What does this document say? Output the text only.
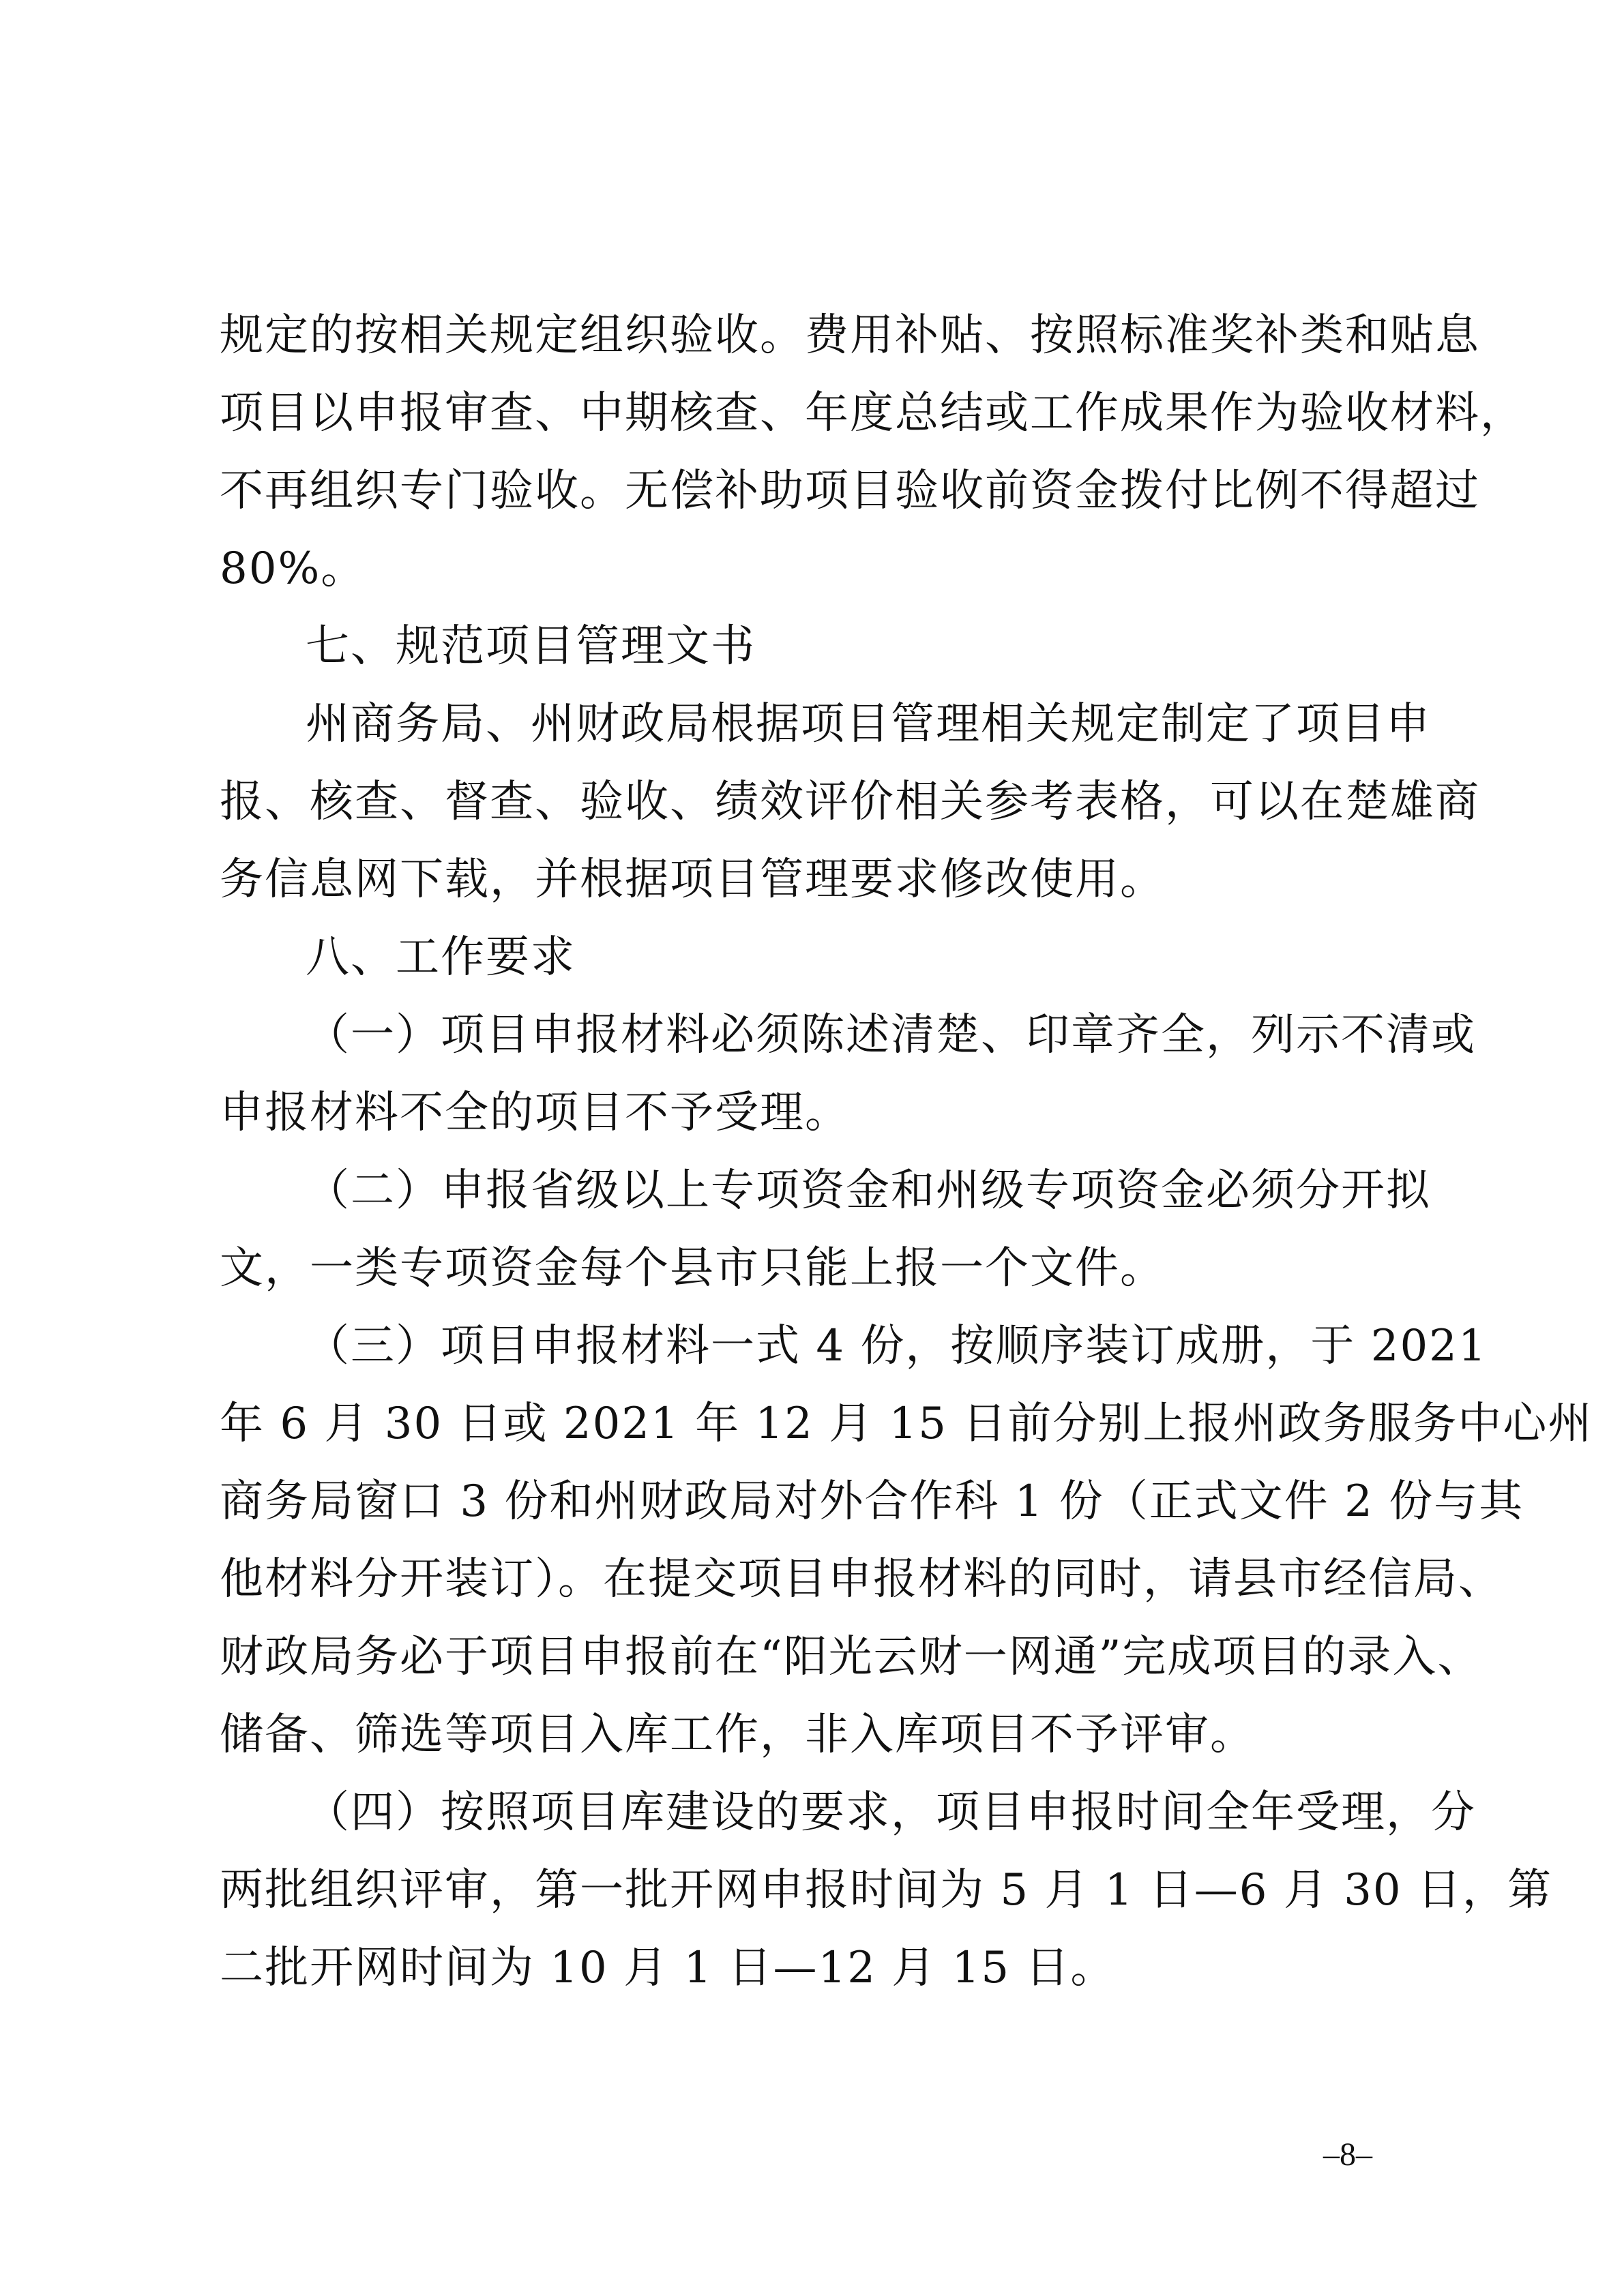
规定的按相关规定组织验收。费用补贴、按照标准奖补类和贴息
项目以申报审查、中期核查、年度总结或工作成果作为验收材料，
不再组织专门验收。无偿补助项目验收前资金拨付比例不得超过
80%。
七、规范项目管理文书
州商务局、州财政局根据项目管理相关规定制定了项目申
报、核查、督查、验收、绩效评价相关参考表格，可以在楚雄商
务信息网下载，并根据项目管理要求修改使用。
八、工作要求
（一）项目申报材料必须陈述清楚、印章齐全，列示不清或
申报材料不全的项目不予受理。
（二）申报省级以上专项资金和州级专项资金必须分开拟
文，一类专项资金每个县市只能上报一个文件。
（三）项目申报材料一式 4 份，按顺序装订成册，于 2021
年 6 月 30 日或 2021 年 12 月 15 日前分别上报州政务服务中心州
商务局窗口 3 份和州财政局对外合作科 1 份（正式文件 2 份与其
他材料分开装订）。在提交项目申报材料的同时，请县市经信局、
财政局务必于项目申报前在“阳光云财一网通”完成项目的录入、
储备、筛选等项目入库工作，非入库项目不予评审。
（四）按照项目库建设的要求，项目申报时间全年受理，分
两批组织评审，第一批开网申报时间为 5 月 1 日—6 月 30 日，第
二批开网时间为 10 月 1 日—12 月 15 日。
–8–
